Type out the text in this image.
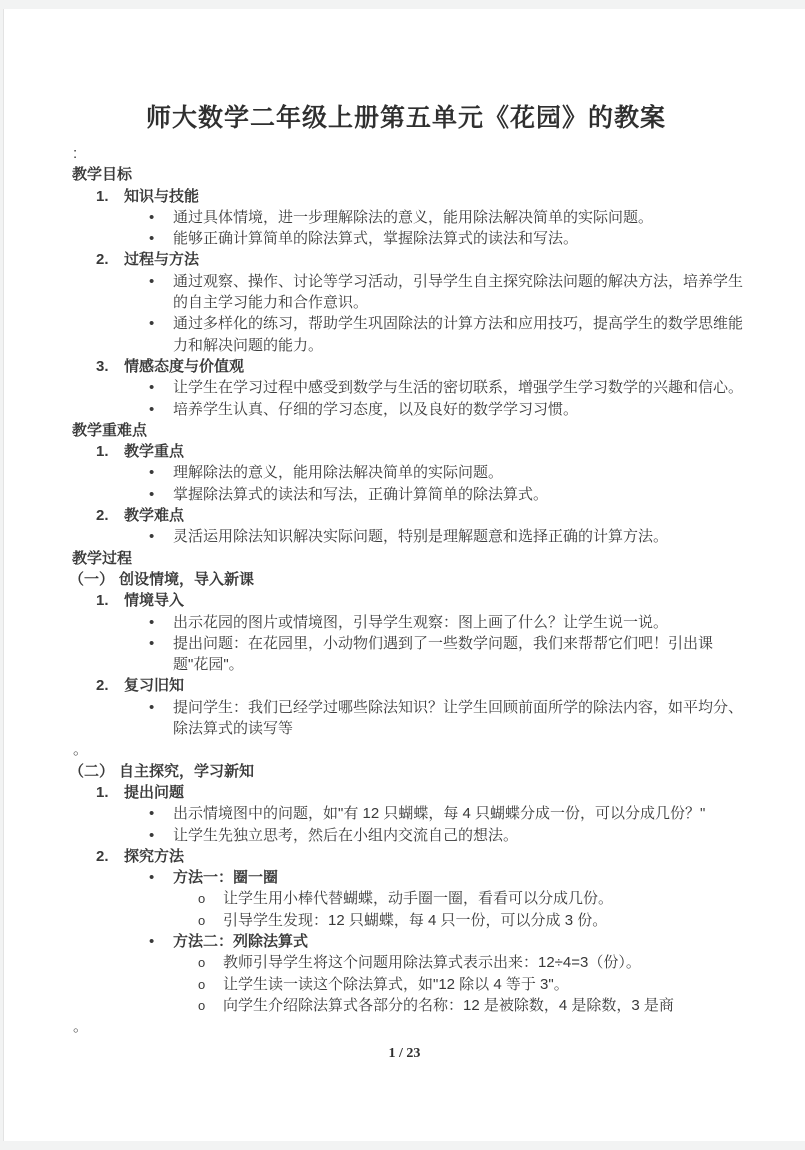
师大数学二年级上册第五单元《花园》的教案

:

教学目标

1. 知识与技能

• 通过具体情境，进一步理解除法的意义，能用除法解决简单的实际问题。

• 能够正确计算简单的除法算式，掌握除法算式的读法和写法。

2. 过程与方法

• 通过观察、操作、讨论等学习活动，引导学生自主探究除法问题的解决方法，培养学生的自主学习能力和合作意识。

• 通过多样化的练习，帮助学生巩固除法的计算方法和应用技巧，提高学生的数学思维能力和解决问题的能力。

3. 情感态度与价值观

• 让学生在学习过程中感受到数学与生活的密切联系，增强学生学习数学的兴趣和信心。

• 培养学生认真、仔细的学习态度，以及良好的数学学习习惯。

教学重难点

1. 教学重点

• 理解除法的意义，能用除法解决简单的实际问题。

• 掌握除法算式的读法和写法，正确计算简单的除法算式。

2. 教学难点

• 灵活运用除法知识解决实际问题，特别是理解题意和选择正确的计算方法。

教学过程

（一） 创设情境，导入新课

1. 情境导入

• 出示花园的图片或情境图，引导学生观察：图上画了什么？让学生说一说。

• 提出问题：在花园里，小动物们遇到了一些数学问题，我们来帮帮它们吧！引出课题"花园"。

2. 复习旧知

• 提问学生：我们已经学过哪些除法知识？让学生回顾前面所学的除法内容，如平均分、除法算式的读写等

。

（二） 自主探究，学习新知

1. 提出问题

• 出示情境图中的问题，如"有 12 只蝴蝶，每 4 只蝴蝶分成一份，可以分成几份？"

• 让学生先独立思考，然后在小组内交流自己的想法。

2. 探究方法

• 方法一：圈一圈

o 让学生用小棒代替蝴蝶，动手圈一圈，看看可以分成几份。

o 引导学生发现：12 只蝴蝶，每 4 只一份，可以分成 3 份。

• 方法二：列除法算式

o 教师引导学生将这个问题用除法算式表示出来：12÷4=3（份）。

o 让学生读一读这个除法算式，如"12 除以 4 等于 3"。

o 向学生介绍除法算式各部分的名称：12 是被除数，4 是除数，3 是商

。

1 / 23
